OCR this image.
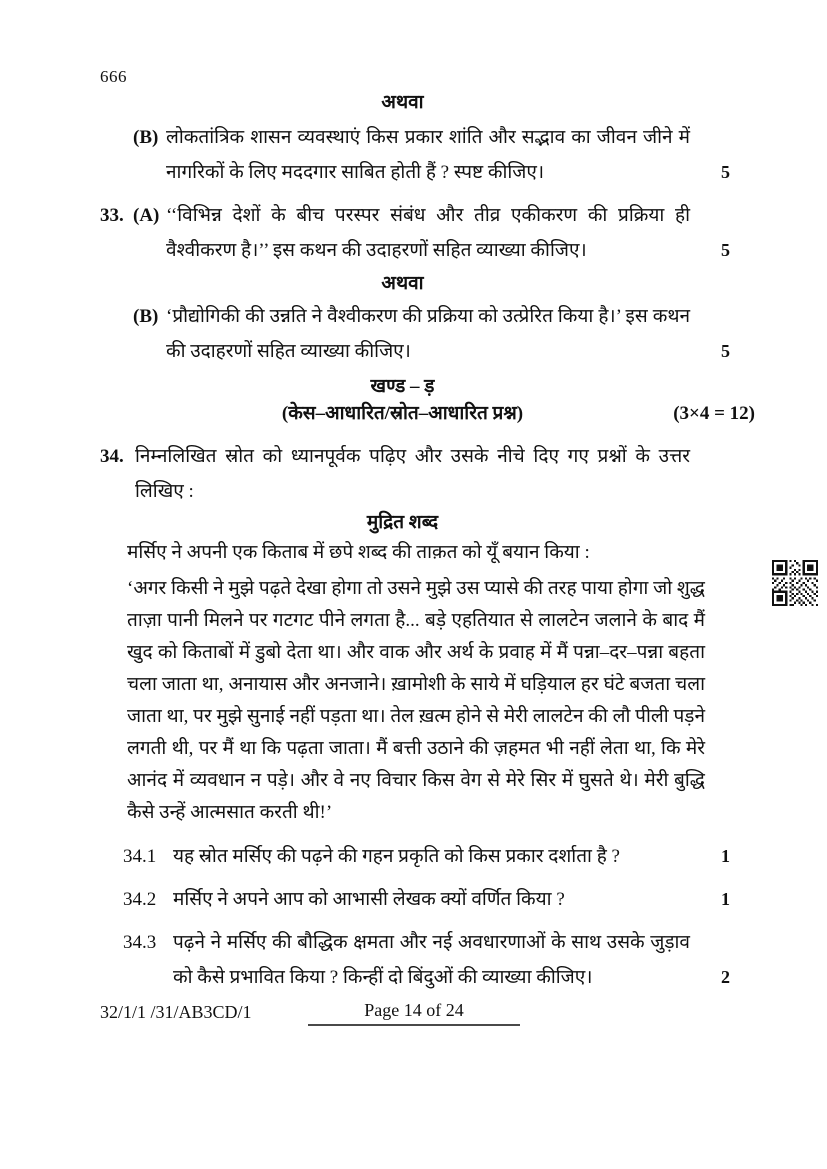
666
अथवा
(B) लोकतांत्रिक शासन व्यवस्थाएं किस प्रकार शांति और सद्भाव का जीवन जीने में नागरिकों के लिए मददगार साबित होती हैं ? स्पष्ट कीजिए।	5
33. (A) ‘‘विभिन्न देशों के बीच परस्पर संबंध और तीव्र एकीकरण की प्रक्रिया ही वैश्वीकरण है।’’ इस कथन की उदाहरणों सहित व्याख्या कीजिए।	5
अथवा
(B) ‘प्रौद्योगिकी की उन्नति ने वैश्वीकरण की प्रक्रिया को उत्प्रेरित किया है।’ इस कथन की उदाहरणों सहित व्याख्या कीजिए।	5
खण्ड – ड़
(केस–आधारित/स्रोत–आधारित प्रश्न)	(3×4 = 12)
34. निम्नलिखित स्रोत को ध्यानपूर्वक पढ़िए और उसके नीचे दिए गए प्रश्नों के उत्तर लिखिए :
मुद्रित शब्द
मर्सिए ने अपनी एक किताब में छपे शब्द की ताक़त को यूँ बयान किया :
‘अगर किसी ने मुझे पढ़ते देखा होगा तो उसने मुझे उस प्यासे की तरह पाया होगा जो शुद्ध ताज़ा पानी मिलने पर गटगट पीने लगता है... बड़े एहतियात से लालटेन जलाने के बाद मैं खुद को किताबों में डुबो देता था। और वाक और अर्थ के प्रवाह में मैं पन्ना–दर–पन्ना बहता चला जाता था, अनायास और अनजाने। ख़ामोशी के साये में घड़ियाल हर घंटे बजता चला जाता था, पर मुझे सुनाई नहीं पड़ता था। तेल ख़त्म होने से मेरी लालटेन की लौ पीली पड़ने लगती थी, पर मैं था कि पढ़ता जाता। मैं बत्ती उठाने की ज़हमत भी नहीं लेता था, कि मेरे आनंद में व्यवधान न पड़े। और वे नए विचार किस वेग से मेरे सिर में घुसते थे। मेरी बुद्धि कैसे उन्हें आत्मसात करती थी!’
34.1 यह स्रोत मर्सिए की पढ़ने की गहन प्रकृति को किस प्रकार दर्शाता है ?	1
34.2 मर्सिए ने अपने आप को आभासी लेखक क्यों वर्णित किया ?	1
34.3 पढ़ने ने मर्सिए की बौद्धिक क्षमता और नई अवधारणाओं के साथ उसके जुड़ाव को कैसे प्रभावित किया ? किन्हीं दो बिंदुओं की व्याख्या कीजिए।	2
32/1/1 /31/AB3CD/1	Page 14 of 24
